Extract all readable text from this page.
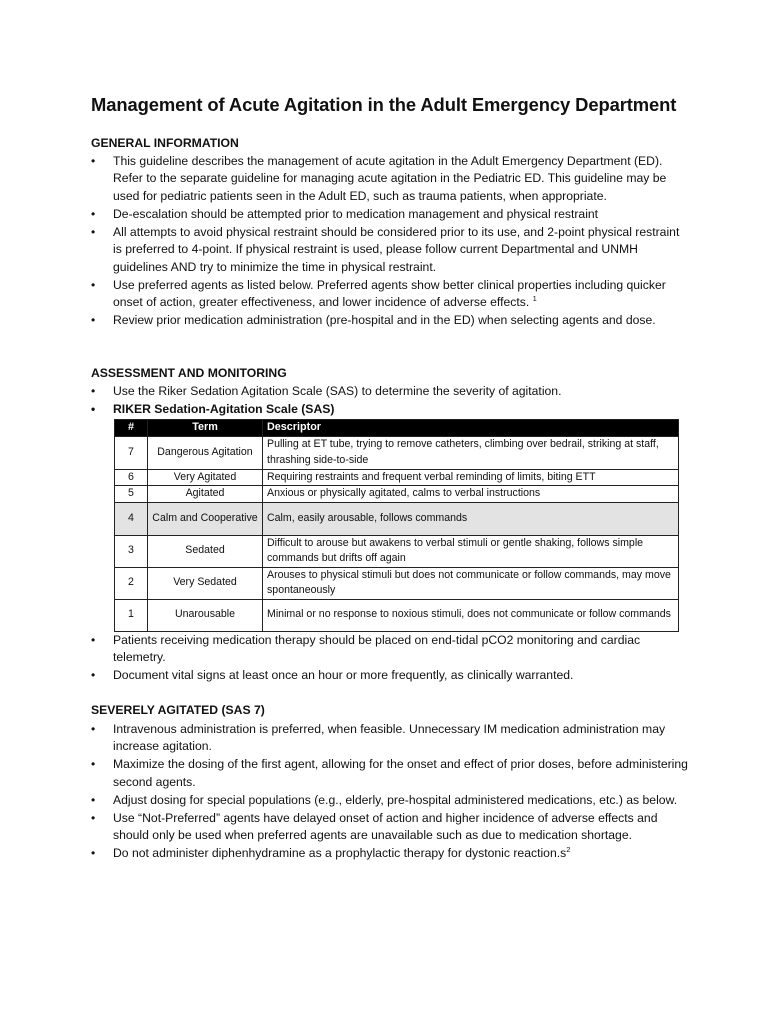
Management of Acute Agitation in the Adult Emergency Department
GENERAL INFORMATION
• This guideline describes the management of acute agitation in the Adult Emergency Department (ED). Refer to the separate guideline for managing acute agitation in the Pediatric ED. This guideline may be used for pediatric patients seen in the Adult ED, such as trauma patients, when appropriate.
• De-escalation should be attempted prior to medication management and physical restraint
• All attempts to avoid physical restraint should be considered prior to its use, and 2-point physical restraint is preferred to 4-point. If physical restraint is used, please follow current Departmental and UNMH guidelines AND try to minimize the time in physical restraint.
• Use preferred agents as listed below. Preferred agents show better clinical properties including quicker onset of action, greater effectiveness, and lower incidence of adverse effects. $^1$
• Review prior medication administration (pre-hospital and in the ED) when selecting agents and dose.
ASSESSMENT AND MONITORING
• Use the Riker Sedation Agitation Scale (SAS) to determine the severity of agitation.
• RIKER Sedation-Agitation Scale (SAS)
#	Term	Descriptor
7	Dangerous Agitation	Pulling at ET tube, trying to remove catheters, climbing over bedrail, striking at staff, thrashing side-to-side
6	Very Agitated	Requiring restraints and frequent verbal reminding of limits, biting ETT
5	Agitated	Anxious or physically agitated, calms to verbal instructions
4	Calm and Cooperative	Calm, easily arousable, follows commands
3	Sedated	Difficult to arouse but awakens to verbal stimuli or gentle shaking, follows simple commands but drifts off again
2	Very Sedated	Arouses to physical stimuli but does not communicate or follow commands, may move spontaneously
1	Unarousable	Minimal or no response to noxious stimuli, does not communicate or follow commands
• Patients receiving medication therapy should be placed on end-tidal pCO2 monitoring and cardiac telemetry.
• Document vital signs at least once an hour or more frequently, as clinically warranted.
SEVERELY AGITATED (SAS 7)
• Intravenous administration is preferred, when feasible. Unnecessary IM medication administration may increase agitation.
• Maximize the dosing of the first agent, allowing for the onset and effect of prior doses, before administering second agents.
• Adjust dosing for special populations (e.g., elderly, pre-hospital administered medications, etc.) as below.
• Use “Not-Preferred” agents have delayed onset of action and higher incidence of adverse effects and should only be used when preferred agents are unavailable such as due to medication shortage.
• Do not administer diphenhydramine as a prophylactic therapy for dystonic $reaction.s^2$
